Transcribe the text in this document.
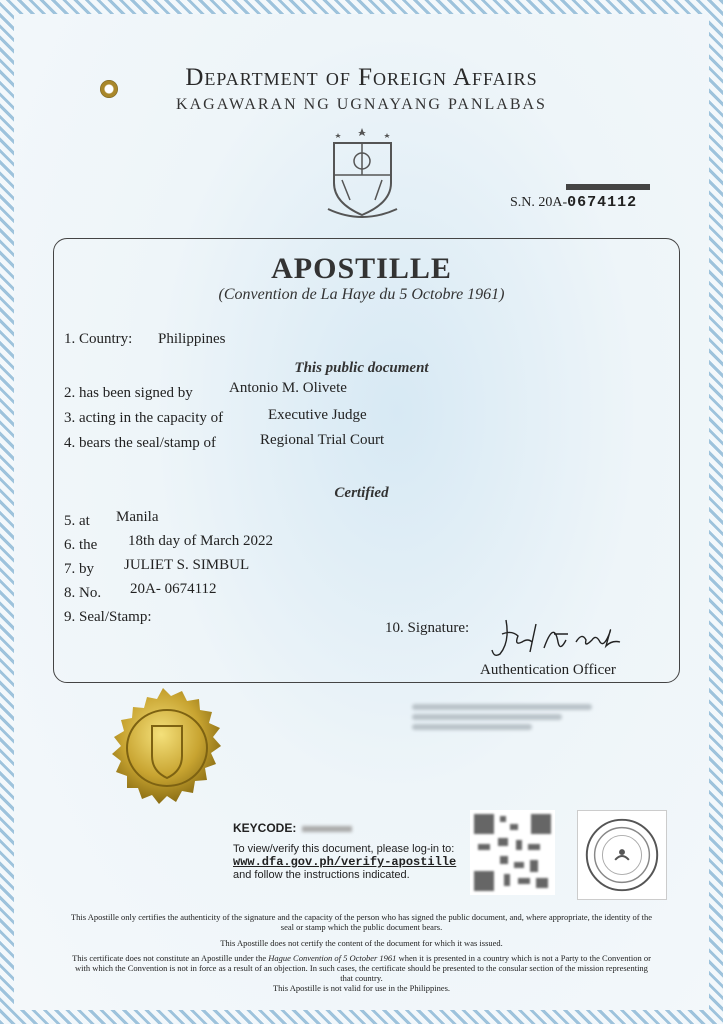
Department of Foreign Affairs
KAGAWARAN NG UGNAYANG PANLABAS
S.N. 20A-0674112
APOSTILLE
(Convention de La Haye du 5 Octobre 1961)
1. Country: Philippines
This public document
2. has been signed by Antonio M. Olivete
3. acting in the capacity of	Executive Judge
4. bears the seal/stamp of	Regional Trial Court
Certified
5. at Manila
6. the 18th day of March 2022
7. by JULIET S. SIMBUL
8. No. 20A- 0674112
9. Seal/Stamp:
10. Signature:
Authentication Officer
KEYCODE:
To view/verify this document, please log-in to:
www.dfa.gov.ph/verify-apostille
and follow the instructions indicated.
This Apostille only certifies the authenticity of the signature and the capacity of the person who has signed the public document, and, where appropriate, the identity of the seal or stamp which the public document bears.
This Apostille does not certify the content of the document for which it was issued.
This certificate does not constitute an Apostille under the Hague Convention of 5 October 1961 when it is presented in a country which is not a Party to the Convention or with which the Convention is not in force as a result of an objection. In such cases, the certificate should be presented to the consular section of the mission representing that country.
This Apostille is not valid for use in the Philippines.
